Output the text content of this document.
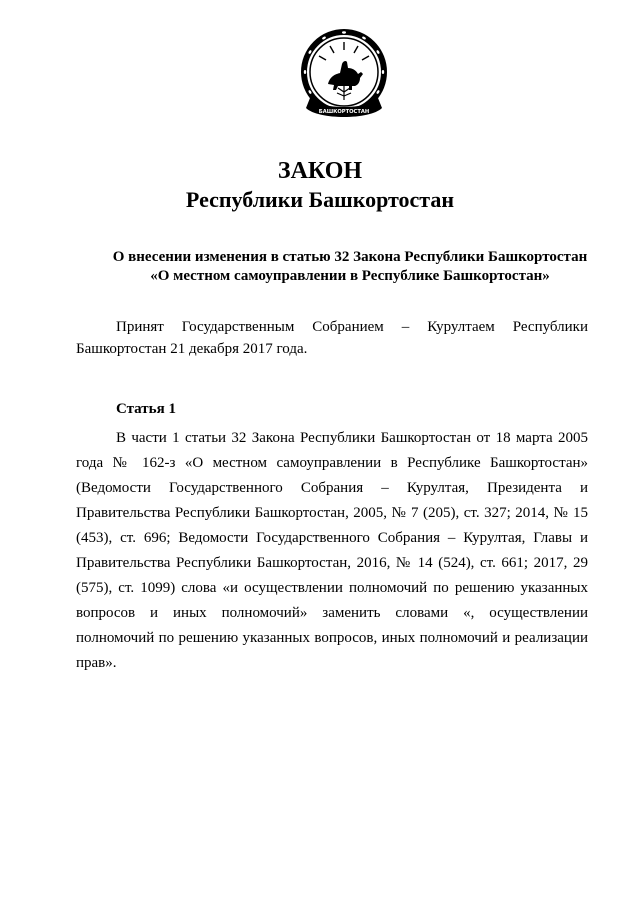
БАШКОРТОСТАН
ЗАКОН
Республики Башкортостан

О внесении изменения в статью 32 Закона Республики Башкортостан

«О местном самоуправлении в Республике Башкортостан»

Принят Государственным Собранием – Курултаем Республики Башкортостан 21 декабря 2017 года.

Статья 1

В части 1 статьи 32 Закона Республики Башкортостан от 18 марта 2005 года № 162-з «О местном самоуправлении в Республике Башкортостан» (Ведомости Государственного Собрания – Курултая, Президента и Правительства Республики Башкортостан, 2005, № 7 (205), ст. 327; 2014, № 15 (453), ст. 696; Ведомости Государственного Собрания – Курултая, Главы и Правительства Республики Башкортостан, 2016, № 14 (524), ст. 661; 2017, 29 (575), ст. 1099) слова «и осуществлении полномочий по решению указанных вопросов и иных полномочий» заменить словами «, осуществлении полномочий по решению указанных вопросов, иных полномочий и реализации прав».
